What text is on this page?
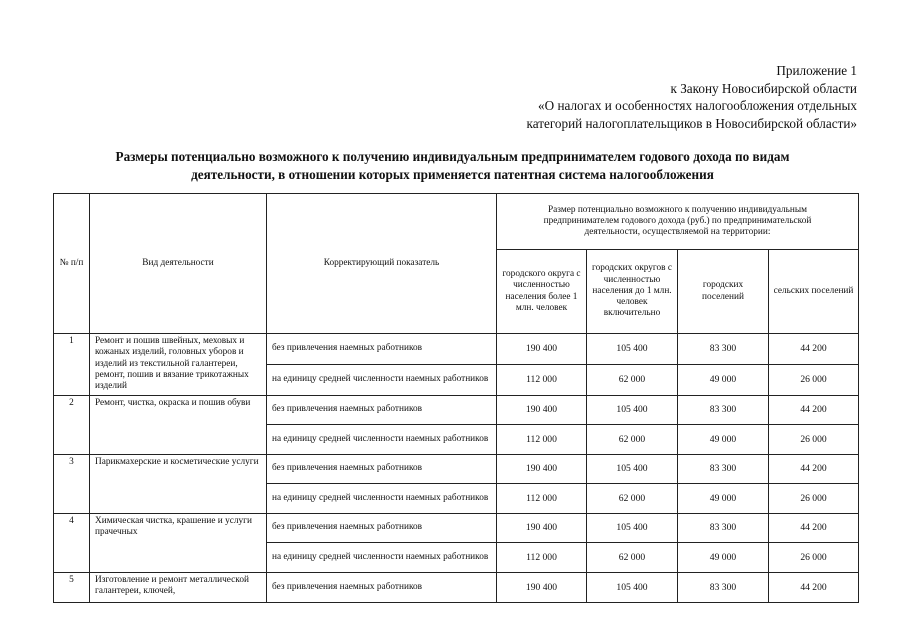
Приложение 1
к Закону Новосибирской области
«О налогах и особенностях налогообложения отдельных
категорий налогоплательщиков в Новосибирской области»
Размеры потенциально возможного к получению индивидуальным предпринимателем годового дохода по видам
деятельности, в отношении которых применяется патентная система налогообложения
№ п/п	Вид деятельности	Корректирующий показатель	Размер потенциально возможного к получению индивидуальным предпринимателем годового дохода (руб.) по предпринимательской деятельности, осуществляемой на территории:			
			городского округа с численностью населения более 1 млн. человек	городских округов с численностью населения до 1 млн. человек включительно	городских поселений	сельских поселений
1	Ремонт и пошив швейных, меховых и кожаных изделий, головных уборов и изделий из текстильной галантереи, ремонт, пошив и вязание трикотажных изделий	без привлечения наемных работников	190 400	105 400	83 300	44 200
		на единицу средней численности наемных работников	112 000	62 000	49 000	26 000
2	Ремонт, чистка, окраска и пошив обуви	без привлечения наемных работников	190 400	105 400	83 300	44 200
		на единицу средней численности наемных работников	112 000	62 000	49 000	26 000
3	Парикмахерские и косметические услуги	без привлечения наемных работников	190 400	105 400	83 300	44 200
		на единицу средней численности наемных работников	112 000	62 000	49 000	26 000
4	Химическая чистка, крашение и услуги прачечных	без привлечения наемных работников	190 400	105 400	83 300	44 200
		на единицу средней численности наемных работников	112 000	62 000	49 000	26 000
5	Изготовление и ремонт металлической галантереи, ключей,	без привлечения наемных работников	190 400	105 400	83 300	44 200
